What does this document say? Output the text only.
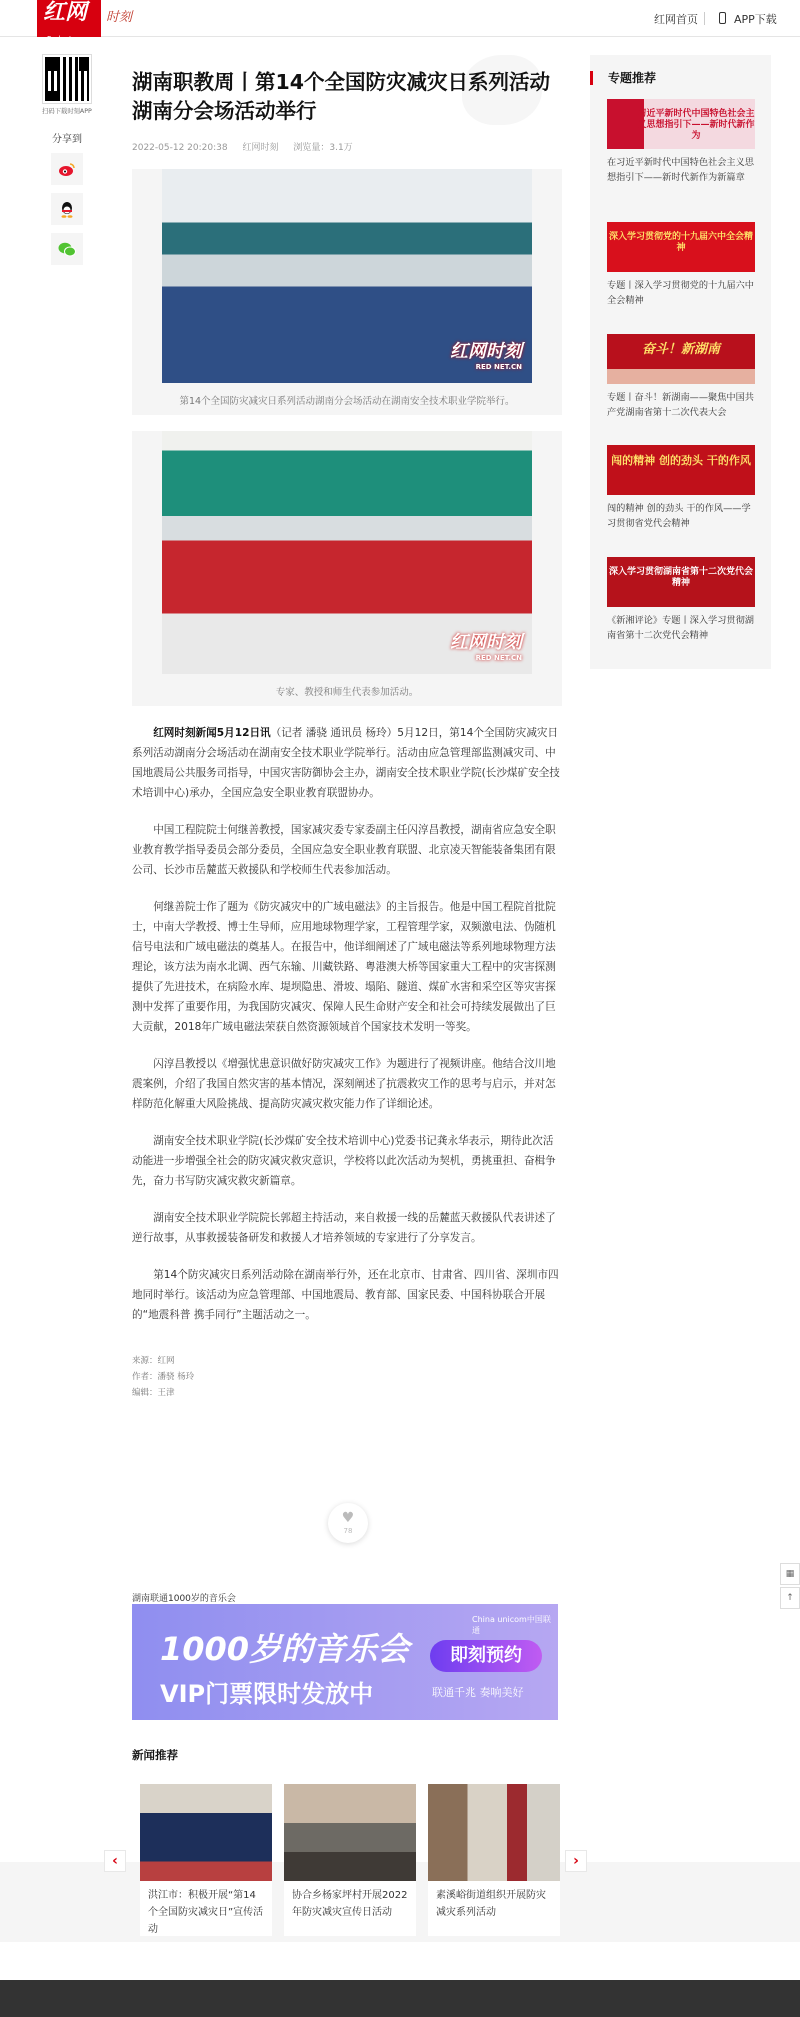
红网
Rednet.cn
时刻	红网首页	APP下载
扫码下载时刻APP
分享到
湖南职教周丨第14个全国防灾减灾日系列活动湖南分会场活动举行
2022-05-12 20:20:38 红网时刻 浏览量：3.1万
红网时刻
RED NET.CN
第14个全国防灾减灾日系列活动湖南分会场活动在湖南安全技术职业学院举行。
红网时刻
RED NET.CN
专家、教授和师生代表参加活动。

红网时刻新闻5月12日讯（记者 潘骁 通讯员 杨玲）5月12日，第14个全国防灾减灾日系列活动湖南分会场活动在湖南安全技术职业学院举行。活动由应急管理部监测减灾司、中国地震局公共服务司指导，中国灾害防御协会主办，湖南安全技术职业学院(长沙煤矿安全技术培训中心)承办，全国应急安全职业教育联盟协办。

中国工程院院士何继善教授，国家减灾委专家委副主任闪淳昌教授，湖南省应急安全职业教育教学指导委员会部分委员，全国应急安全职业教育联盟、北京凌天智能装备集团有限公司、长沙市岳麓蓝天救援队和学校师生代表参加活动。

何继善院士作了题为《防灾减灾中的广域电磁法》的主旨报告。他是中国工程院首批院士，中南大学教授、博士生导师，应用地球物理学家，工程管理学家，双频激电法、伪随机信号电法和广域电磁法的奠基人。在报告中，他详细阐述了广域电磁法等系列地球物理方法理论，该方法为南水北调、西气东输、川藏铁路、粤港澳大桥等国家重大工程中的灾害探测提供了先进技术，在病险水库、堤坝隐患、滑坡、塌陷、隧道、煤矿水害和采空区等灾害探测中发挥了重要作用，为我国防灾减灾、保障人民生命财产安全和社会可持续发展做出了巨大贡献，2018年广域电磁法荣获自然资源领域首个国家技术发明一等奖。

闪淳昌教授以《增强忧患意识做好防灾减灾工作》为题进行了视频讲座。他结合汶川地震案例，介绍了我国自然灾害的基本情况，深刻阐述了抗震救灾工作的思考与启示，并对怎样防范化解重大风险挑战、提高防灾减灾救灾能力作了详细论述。

湖南安全技术职业学院(长沙煤矿安全技术培训中心)党委书记龚永华表示，期待此次活动能进一步增强全社会的防灾减灾救灾意识，学校将以此次活动为契机，勇挑重担、奋楫争先，奋力书写防灾减灾救灾新篇章。

湖南安全技术职业学院院长郭超主持活动，来自救援一线的岳麓蓝天救援队代表讲述了逆行故事，从事救援装备研发和救援人才培养领域的专家进行了分享发言。

第14个防灾减灾日系列活动除在湖南举行外，还在北京市、甘肃省、四川省、深圳市四地同时举行。该活动为应急管理部、中国地震局、教育部、国家民委、中国科协联合开展的“地震科普 携手同行”主题活动之一。

来源：红网
作者：潘骁 杨玲
编辑：王津
♥
78
湖南联通1000岁的音乐会
China unicom中国联通
1000岁的音乐会
VIP门票限时发放中
即刻预约
联通千兆 奏响美好
新闻推荐
‹	›
洪江市：积极开展“第14个全国防灾减灾日”宣传活动
协合乡杨家坪村开展2022年防灾减灾宣传日活动
素溪峪街道组织开展防灾减灾系列活动
专题推荐
习近平新时代中国特色社会主义思想指引下——新时代新作为
在习近平新时代中国特色社会主义思想指引下——新时代新作为新篇章
深入学习贯彻党的十九届六中全会精神
专题丨深入学习贯彻党的十九届六中全会精神
奋斗！新湖南
专题丨奋斗！新湖南——聚焦中国共产党湖南省第十二次代表大会
闯的精神 创的劲头 干的作风
闯的精神 创的劲头 干的作风——学习贯彻省党代会精神
深入学习贯彻湖南省第十二次党代会精神
《新湘评论》专题丨深入学习贯彻湖南省第十二次党代会精神
▦
↑
